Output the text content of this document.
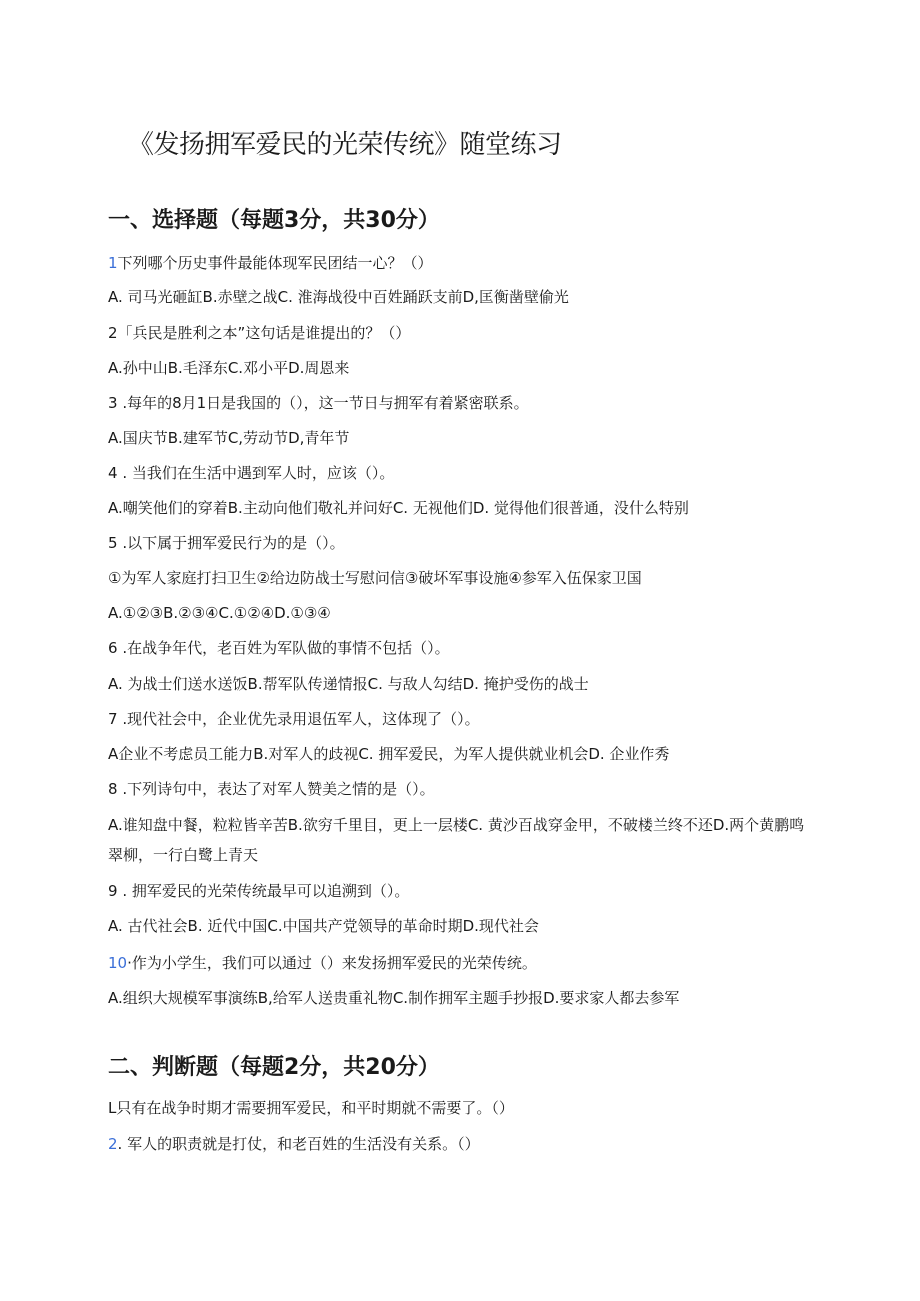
《发扬拥军爱民的光荣传统》随堂练习
一、选择题（每题3分，共30分）
1下列哪个历史事件最能体现军民团结一心？（）
A. 司马光砸缸B.赤壁之战C. 淮海战役中百姓踊跃支前D,匡衡凿壁偷光
2「兵民是胜利之本”这句话是谁提出的？（）
A.孙中山B.毛泽东C.邓小平D.周恩来
3 .每年的8月1日是我国的（），这一节日与拥军有着紧密联系。
A.国庆节B.建军节C,劳动节D,青年节
4 . 当我们在生活中遇到军人时，应该（）。
A.嘲笑他们的穿着B.主动向他们敬礼并问好C. 无视他们D. 觉得他们很普通，没什么特别
5 .以下属于拥军爱民行为的是（）。
①为军人家庭打扫卫生②给边防战士写慰问信③破坏军事设施④参军入伍保家卫国
A.①②③B.②③④C.①②④D.①③④
6 .在战争年代，老百姓为军队做的事情不包括（）。
A. 为战士们送水送饭B.帮军队传递情报C. 与敌人勾结D. 掩护受伤的战士
7 .现代社会中，企业优先录用退伍军人，这体现了（）。
A企业不考虑员工能力B.对军人的歧视C. 拥军爱民，为军人提供就业机会D. 企业作秀
8 .下列诗句中，表达了对军人赞美之情的是（）。
A.谁知盘中餐，粒粒皆辛苦B.欲穷千里目，更上一层楼C. 黄沙百战穿金甲，不破楼兰终不还D.两个黄鹏鸣翠柳，一行白鹭上青天
9 . 拥军爱民的光荣传统最早可以追溯到（）。
A. 古代社会B. 近代中国C.中国共产党领导的革命时期D.现代社会
10·作为小学生，我们可以通过（）来发扬拥军爱民的光荣传统。
A.组织大规模军事演练B,给军人送贵重礼物C.制作拥军主题手抄报D.要求家人都去参军
二、判断题（每题2分，共20分）
L只有在战争时期才需要拥军爱民，和平时期就不需要了。（）
2. 军人的职责就是打仗，和老百姓的生活没有关系。（）
